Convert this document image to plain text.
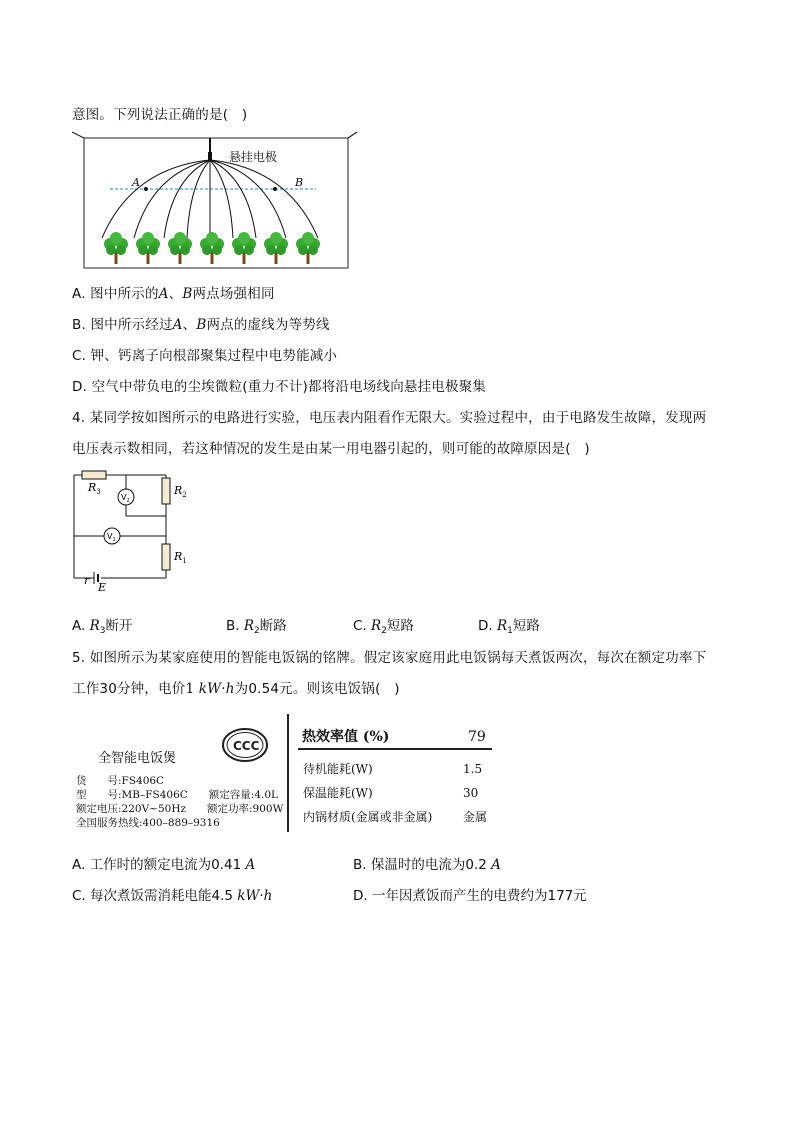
意图。下列说法正确的是(　)
悬挂电极
A	B
A. 图中所示的A、B两点场强相同
B. 图中所示经过A、B两点的虚线为等势线
C. 钾、钙离子向根部聚集过程中电势能减小
D. 空气中带负电的尘埃微粒(重力不计)都将沿电场线向悬挂电极聚集
4. 某同学按如图所示的电路进行实验，电压表内阻看作无限大。实验过程中，由于电路发生故障，发现两
电压表示数相同，若这种情况的发生是由某一用电器引起的，则可能的故障原因是(　)
$R_3$
$V_2$
$R_2$
$V_1$
$R_1$
r
E
A. $R_3$断开	B. $R_2$断路	C. $R_2$短路	D. $R_1$短路
5. 如图所示为某家庭使用的智能电饭锅的铭牌。假定该家庭用此电饭锅每天煮饭两次，每次在额定功率下
工作30分钟，电价1 kW·h为0.54元。则该电饭锅(　)
CCC
全智能电饭煲
货　　号:FS406C
型　　号:MB–FS406C　　额定容量:4.0L
额定电压:220V~50Hz　　额定功率:900W
全国服务热线:400–889–9316
热效率值 (%)	79
待机能耗(W)	1.5
保温能耗(W)	30
内锅材质(金属或非金属)	金属
A. 工作时的额定电流为0.41 A	B. 保温时的电流为0.2 A
C. 每次煮饭需消耗电能4.5 kW·h	D. 一年因煮饭而产生的电费约为177元
